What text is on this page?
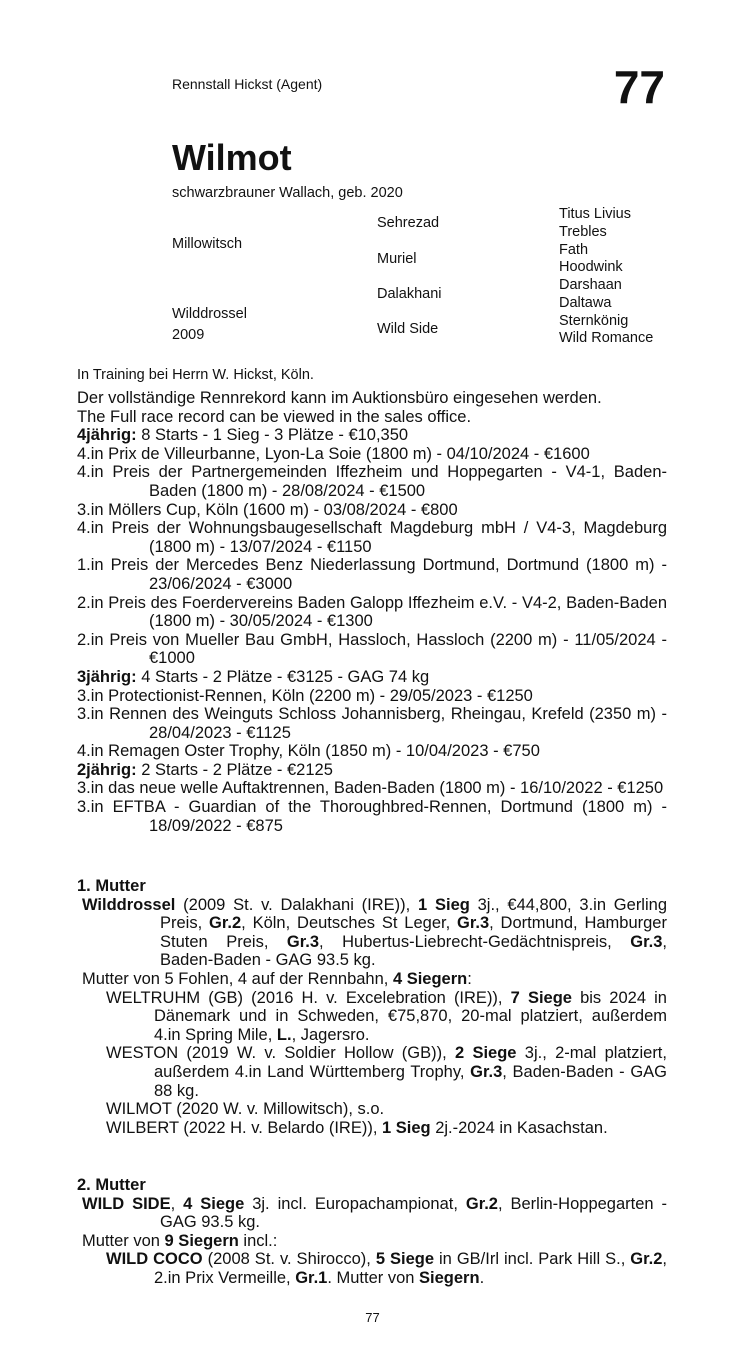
Rennstall Hickst (Agent)	77
Wilmot
schwarzbrauner Wallach, geb. 2020
Millowitsch
Wilddrossel
2009
Sehrezad
Muriel
Dalakhani
Wild Side
Titus Livius
Trebles
Fath
Hoodwink
Darshaan
Daltawa
Sternkönig
Wild Romance
In Training bei Herrn W. Hickst, Köln.

Der vollständige Rennrekord kann im Auktionsbüro eingesehen werden.

The Full race record can be viewed in the sales office.

4jährig: 8 Starts - 1 Sieg - 3 Plätze - €10,350

4.in Prix de Villeurbanne, Lyon-La Soie (1800 m) - 04/10/2024 - €1600

4.in Preis der Partnergemeinden Iffezheim und Hoppegarten - V4-1, Baden-Baden (1800 m) - 28/08/2024 - €1500

3.in Möllers Cup, Köln (1600 m) - 03/08/2024 - €800

4.in Preis der Wohnungsbaugesellschaft Magdeburg mbH / V4-3, Magdeburg (1800 m) - 13/07/2024 - €1150

1.in Preis der Mercedes Benz Niederlassung Dortmund, Dortmund (1800 m) - 23/06/2024 - €3000

2.in Preis des Foerdervereins Baden Galopp Iffezheim e.V. - V4-2, Baden-Baden (1800 m) - 30/05/2024 - €1300

2.in Preis von Mueller Bau GmbH, Hassloch, Hassloch (2200 m) - 11/05/2024 - €1000

3jährig: 4 Starts - 2 Plätze - €3125 - GAG 74 kg

3.in Protectionist-Rennen, Köln (2200 m) - 29/05/2023 - €1250

3.in Rennen des Weinguts Schloss Johannisberg, Rheingau, Krefeld (2350 m) - 28/04/2023 - €1125

4.in Remagen Oster Trophy, Köln (1850 m) - 10/04/2023 - €750

2jährig: 2 Starts - 2 Plätze - €2125

3.in das neue welle Auftaktrennen, Baden-Baden (1800 m) - 16/10/2022 - €1250

3.in EFTBA - Guardian of the Thoroughbred-Rennen, Dortmund (1800 m) - 18/09/2022 - €875

1. Mutter

Wilddrossel (2009 St. v. Dalakhani (IRE)), 1 Sieg 3j., €44,800, 3.in Gerling Preis, Gr.2, Köln, Deutsches St Leger, Gr.3, Dortmund, Hamburger Stuten Preis, Gr.3, Hubertus-Liebrecht-Gedächtnispreis, Gr.3, Baden-Baden - GAG 93.5 kg.

Mutter von 5 Fohlen, 4 auf der Rennbahn, 4 Siegern:

WELTRUHM (GB) (2016 H. v. Excelebration (IRE)), 7 Siege bis 2024 in Dänemark und in Schweden, €75,870, 20-mal platziert, außerdem 4.in Spring Mile, L., Jagersro.

WESTON (2019 W. v. Soldier Hollow (GB)), 2 Siege 3j., 2-mal platziert, außerdem 4.in Land Württemberg Trophy, Gr.3, Baden-Baden - GAG 88 kg.

WILMOT (2020 W. v. Millowitsch), s.o.

WILBERT (2022 H. v. Belardo (IRE)), 1 Sieg 2j.-2024 in Kasachstan.

2. Mutter

WILD SIDE, 4 Siege 3j. incl. Europachampionat, Gr.2, Berlin-Hoppegarten - GAG 93.5 kg.

Mutter von 9 Siegern incl.:

WILD COCO (2008 St. v. Shirocco), 5 Siege in GB/Irl incl. Park Hill S., Gr.2, 2.in Prix Vermeille, Gr.1. Mutter von Siegern.

77
